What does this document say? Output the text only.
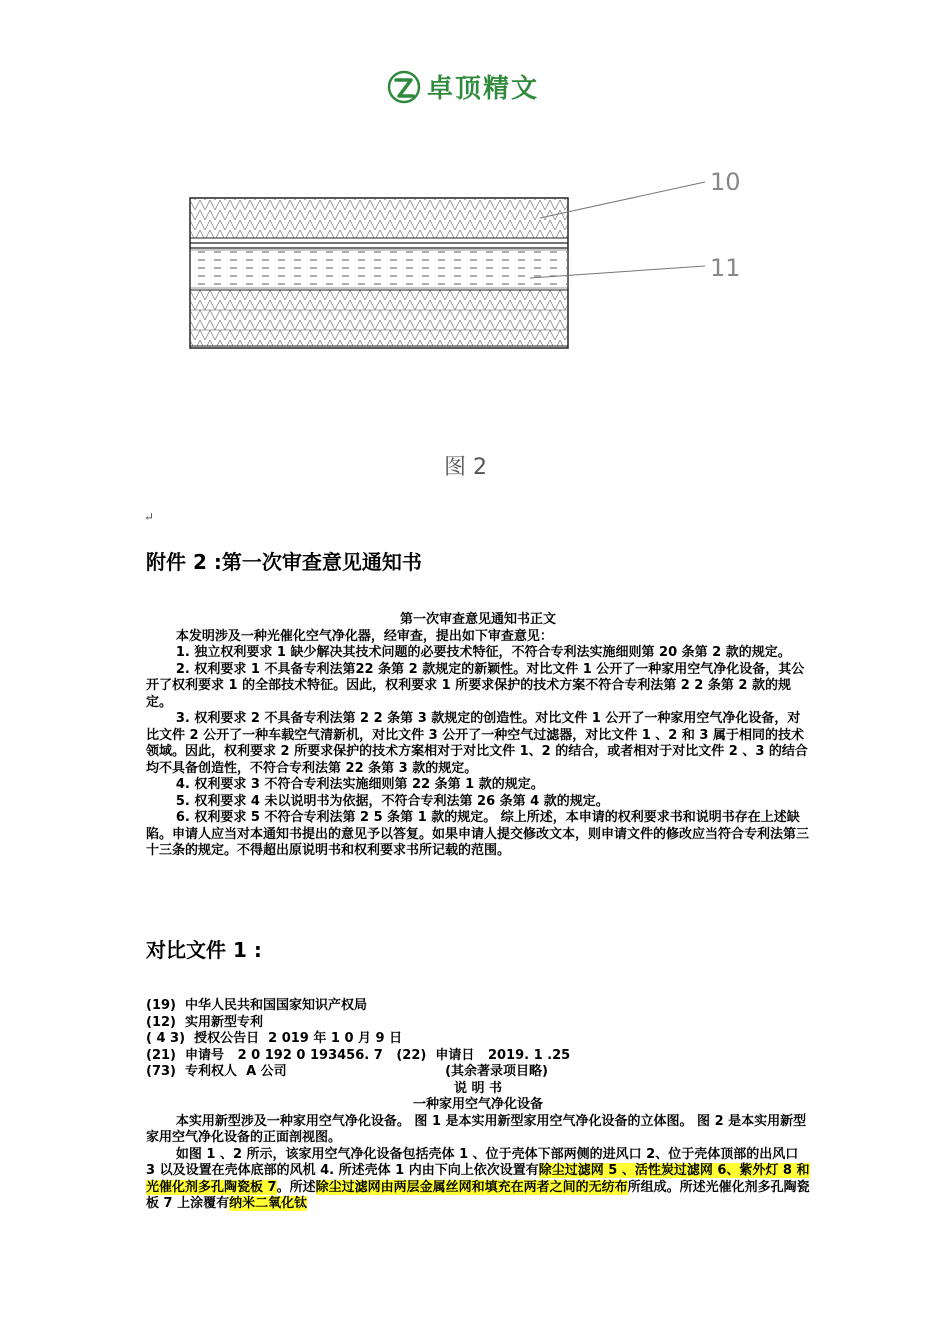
卓顶精文
10
11
图 2
↵
附件 2 :第一次审查意见通知书

第一次审查意见通知书正文

本发明涉及一种光催化空气净化器，经审查，提出如下审查意见：

1. 独立权利要求 1 缺少解决其技术问题的必要技术特征，不符合专利法实施细则第 20 条第 2 款的规定。

2. 权利要求 1 不具备专利法第22 条第 2 款规定的新颖性。对比文件 1 公开了一种家用空气净化设备，其公开了权利要求 1 的全部技术特征。因此，权利要求 1 所要求保护的技术方案不符合专利法第 2 2 条第 2 款的规定。

3. 权利要求 2 不具备专利法第 2 2 条第 3 款规定的创造性。对比文件 1 公开了一种家用空气净化设备，对比文件 2 公开了一种车载空气清新机，对比文件 3 公开了一种空气过滤器，对比文件 1 、2 和 3 属于相同的技术领域。因此，权利要求 2 所要求保护的技术方案相对于对比文件 1、2 的结合，或者相对于对比文件 2 、3 的结合均不具备创造性，不符合专利法第 22 条第 3 款的规定。

4. 权利要求 3 不符合专利法实施细则第 22 条第 1 款的规定。

5. 权利要求 4 未以说明书为依据，不符合专利法第 26 条第 4 款的规定。

6. 权利要求 5 不符合专利法第 2 5 条第 1 款的规定。 综上所述，本申请的权利要求书和说明书存在上述缺陷。申请人应当对本通知书提出的意见予以答复。如果申请人提交修改文本，则申请文件的修改应当符合专利法第三十三条的规定。不得超出原说明书和权利要求书所记载的范围。

对比文件 1 :

(19)  中华人民共和国国家知识产权局

(12)  实用新型专利

( 4 3)  授权公告日  2 019 年 1 0 月 9 日

(21)  申请号   2 0 192 0 193456. 7   (22)  申请日   2019. 1 .25

(73)  专利权人  A 公司                                   (其余著录项目略)

说 明 书

一种家用空气净化设备

本实用新型涉及一种家用空气净化设备。 图 1 是本实用新型家用空气净化设备的立体图。 图 2 是本实用新型家用空气净化设备的正面剖视图。

如图 1 、2 所示，该家用空气净化设备包括壳体 1 、位于壳体下部两侧的进风口 2、位于壳体顶部的出风口 3 以及设置在壳体底部的风机 4. 所述壳体 1 内由下向上依次设置有除尘过滤网 5 、活性炭过滤网 6、紫外灯 8 和光催化剂多孔陶瓷板 7。所述除尘过滤网由两层金属丝网和填充在两者之间的无纺布所组成。所述光催化剂多孔陶瓷板 7 上涂覆有纳米二氧化钛
